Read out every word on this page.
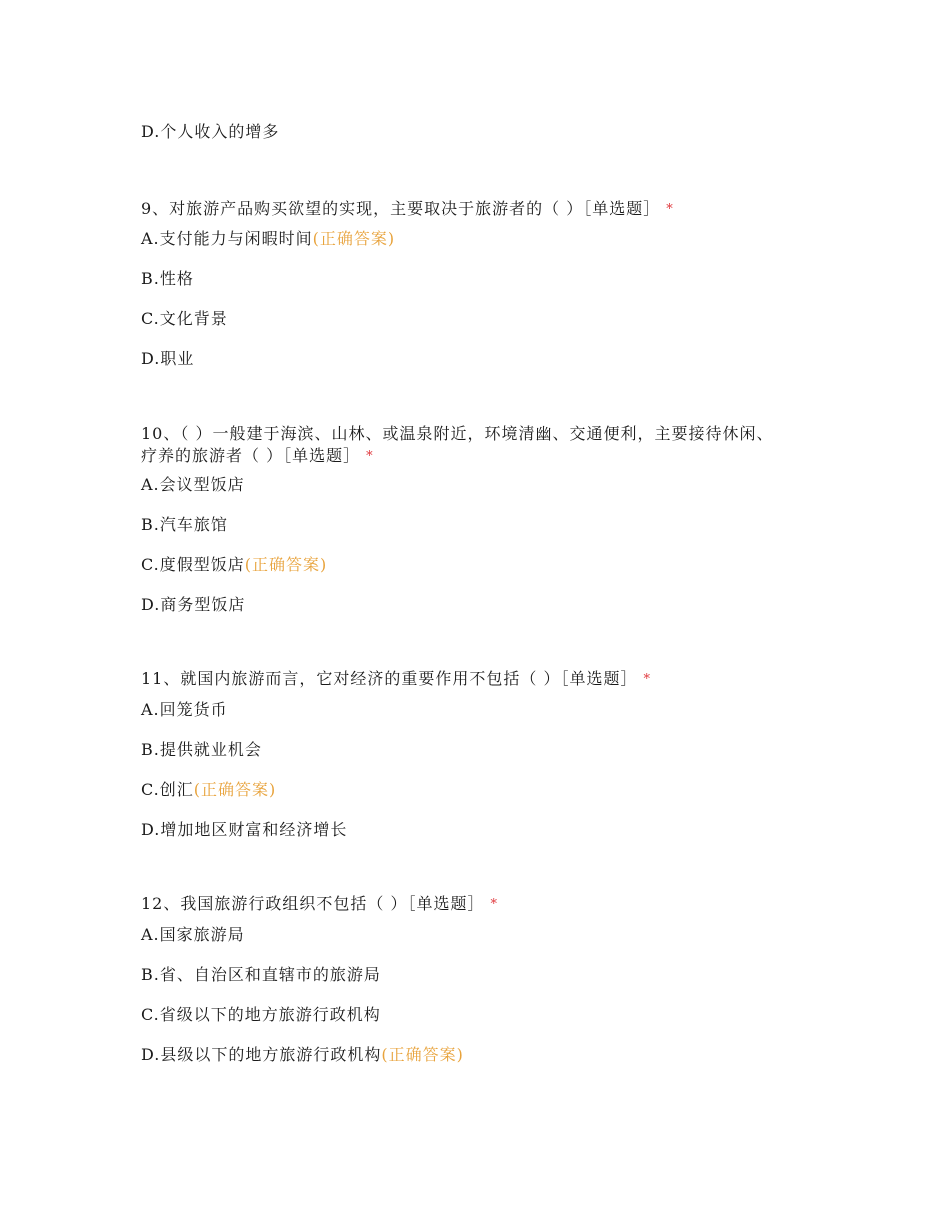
D.个人收入的增多
9、对旅游产品购买欲望的实现，主要取决于旅游者的（ ）［单选题］ *
A.支付能力与闲暇时间(正确答案)
B.性格
C.文化背景
D.职业
10、（ ）一般建于海滨、山林、或温泉附近，环境清幽、交通便利，主要接待休闲、
疗养的旅游者（ ）［单选题］ *
A.会议型饭店
B.汽车旅馆
C.度假型饭店(正确答案)
D.商务型饭店
11、就国内旅游而言，它对经济的重要作用不包括（ ）［单选题］ *
A.回笼货币
B.提供就业机会
C.创汇(正确答案)
D.增加地区财富和经济增长
12、我国旅游行政组织不包括（ ）［单选题］ *
A.国家旅游局
B.省、自治区和直辖市的旅游局
C.省级以下的地方旅游行政机构
D.县级以下的地方旅游行政机构(正确答案)
